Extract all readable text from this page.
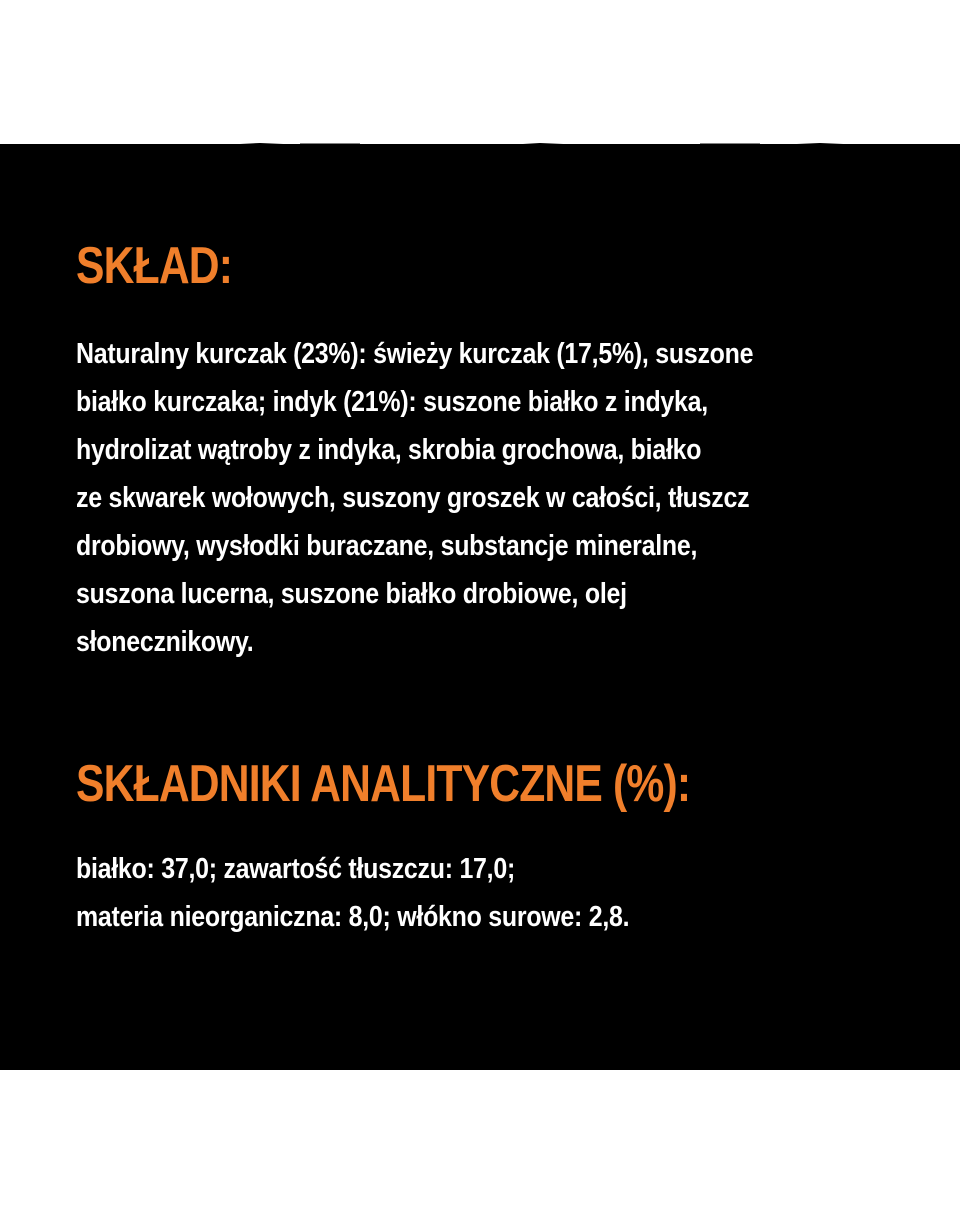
SKŁAD:

Naturalny kurczak (23%): świeży kurczak (17,5%), suszone
białko kurczaka; indyk (21%): suszone białko z indyka,
hydrolizat wątroby z indyka, skrobia grochowa, białko
ze skwarek wołowych, suszony groszek w całości, tłuszcz
drobiowy, wysłodki buraczane, substancje mineralne,
suszona lucerna, suszone białko drobiowe, olej
słonecznikowy.

SKŁADNIKI ANALITYCZNE (%):

białko: 37,0; zawartość tłuszczu: 17,0;
materia nieorganiczna: 8,0; włókno surowe: 2,8.
